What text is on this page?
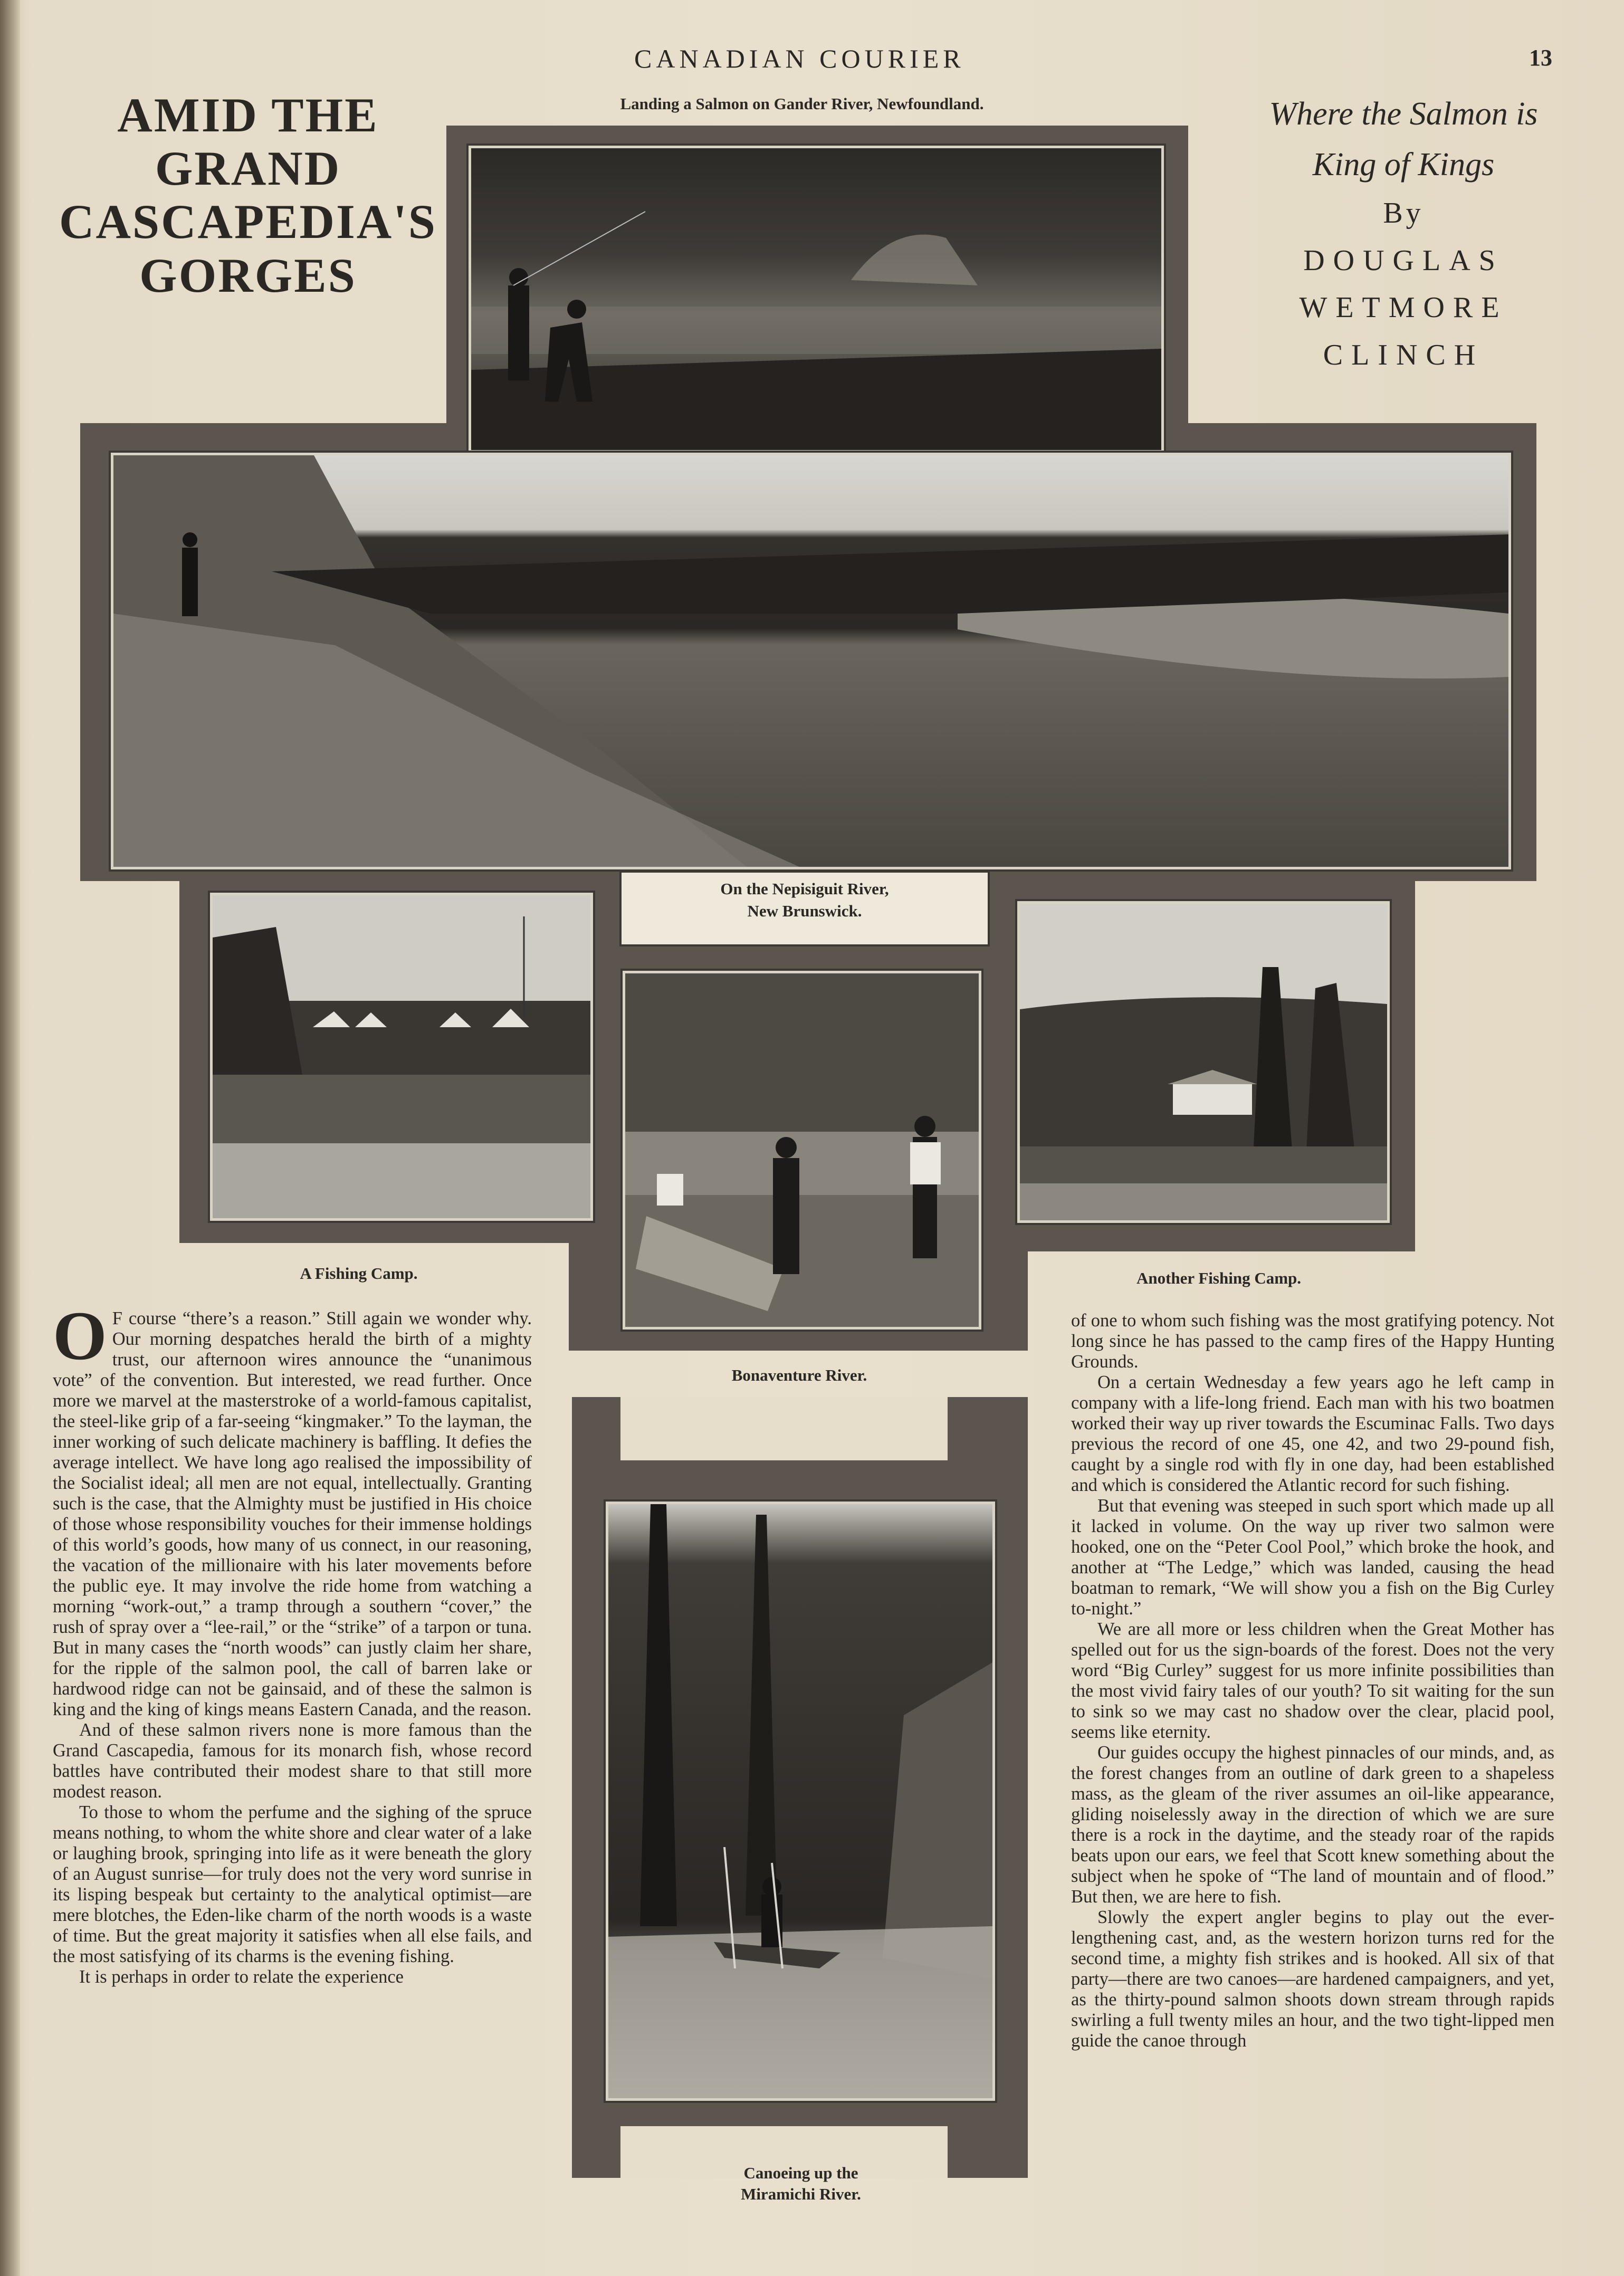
CANADIAN COURIER	13
AMID THE
GRAND
CASCAPEDIA'S
GORGES
Where the Salmon is
King of Kings
By
DOUGLAS
WETMORE
CLINCH
Landing a Salmon on Gander River, Newfoundland.
On the Nepisiguit River,
New Brunswick.
A Fishing Camp.
Bonaventure River.
Another Fishing Camp.
Canoeing up the
Miramichi River.

O F course “there’s a reason.” Still again we wonder why. Our morning despatches herald the birth of a mighty trust, our afternoon wires announce the “unanimous vote” of the convention. But interested, we read further. Once more we marvel at the masterstroke of a world-famous capitalist, the steel-like grip of a far-seeing “kingmaker.” To the layman, the inner working of such delicate machinery is baffling. It defies the average intellect. We have long ago realised the impossibility of the Socialist ideal; all men are not equal, intellectually. Granting such is the case, that the Almighty must be justified in His choice of those whose responsibility vouches for their immense holdings of this world’s goods, how many of us connect, in our reasoning, the vacation of the millionaire with his later movements before the public eye. It may involve the ride home from watching a morning “work-out,” a tramp through a southern “cover,” the rush of spray over a “lee-rail,” or the “strike” of a tarpon or tuna. But in many cases the “north woods” can justly claim her share, for the ripple of the salmon pool, the call of barren lake or hardwood ridge can not be gainsaid, and of these the salmon is king and the king of kings means Eastern Canada, and the reason.

And of these salmon rivers none is more famous than the Grand Cascapedia, famous for its monarch fish, whose record battles have contributed their modest share to that still more modest reason.

To those to whom the perfume and the sighing of the spruce means nothing, to whom the white shore and clear water of a lake or laughing brook, springing into life as it were beneath the glory of an August sunrise—for truly does not the very word sunrise in its lisping bespeak but certainty to the analytical optimist—are mere blotches, the Eden-like charm of the north woods is a waste of time. But the great majority it satisfies when all else fails, and the most satisfying of its charms is the evening fishing.

It is perhaps in order to relate the experience

of one to whom such fishing was the most gratifying potency. Not long since he has passed to the camp fires of the Happy Hunting Grounds.

On a certain Wednesday a few years ago he left camp in company with a life-long friend. Each man with his two boatmen worked their way up river towards the Escuminac Falls. Two days previous the record of one 45, one 42, and two 29-pound fish, caught by a single rod with fly in one day, had been established and which is considered the Atlantic record for such fishing.

But that evening was steeped in such sport which made up all it lacked in volume. On the way up river two salmon were hooked, one on the “Peter Cool Pool,” which broke the hook, and another at “The Ledge,” which was landed, causing the head boatman to remark, “We will show you a fish on the Big Curley to-night.”

We are all more or less children when the Great Mother has spelled out for us the sign-boards of the forest. Does not the very word “Big Curley” suggest for us more infinite possibilities than the most vivid fairy tales of our youth? To sit waiting for the sun to sink so we may cast no shadow over the clear, placid pool, seems like eternity.

Our guides occupy the highest pinnacles of our minds, and, as the forest changes from an outline of dark green to a shapeless mass, as the gleam of the river assumes an oil-like appearance, gliding noiselessly away in the direction of which we are sure there is a rock in the daytime, and the steady roar of the rapids beats upon our ears, we feel that Scott knew something about the subject when he spoke of “The land of mountain and of flood.” But then, we are here to fish.

Slowly the expert angler begins to play out the ever-lengthening cast, and, as the western horizon turns red for the second time, a mighty fish strikes and is hooked. All six of that party—there are two canoes—are hardened campaigners, and yet, as the thirty-pound salmon shoots down stream through rapids swirling a full twenty miles an hour, and the two tight-lipped men guide the canoe through
